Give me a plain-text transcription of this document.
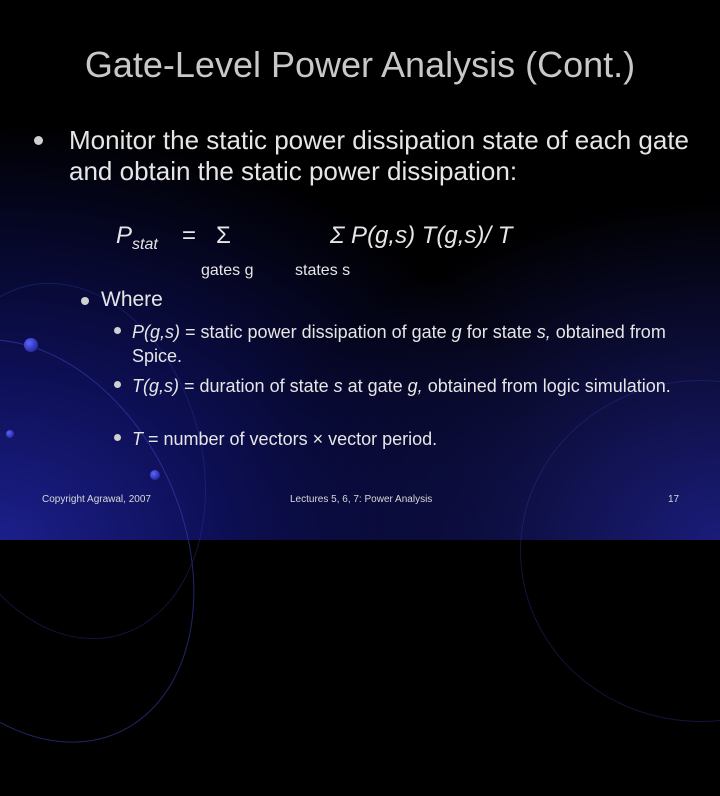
Gate-Level Power Analysis (Cont.)
Monitor the static power dissipation state of each gate and obtain the static power dissipation:
$P_{stat} = \Sigma$	Σ P(g,s) T(g,s)/ T
gates g	states s
Where
P(g,s) = static power dissipation of gate g for state s, obtained from Spice.
T(g,s) = duration of state s at gate g, obtained from logic simulation.
T = number of vectors × vector period.
Copyright Agrawal, 2007	Lectures 5, 6, 7: Power Analysis	17
